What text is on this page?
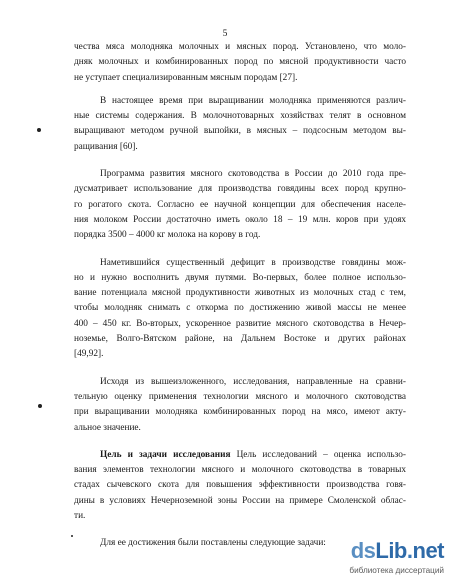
5
чества мяса молодняка молочных и мясных пород. Установлено, что моло-
дняк молочных и комбинированных пород по мясной продуктивности часто
не уступает специализированным мясным породам [27].
В настоящее время при выращивании молодняка применяются различ-
ные системы содержания. В молочнотоварных хозяйствах телят в основном
выращивают методом ручной выпойки, в мясных – подсосным методом вы-
ращивания [60].
Программа развития мясного скотоводства в России до 2010 года пре-
дусматривает использование для производства говядины всех пород крупно-
го рогатого скота. Согласно ее научной концепции для обеспечения населе-
ния молоком России достаточно иметь около 18 – 19 млн. коров при удоях
порядка 3500 – 4000 кг молока на корову в год.
Наметившийся существенный дефицит в производстве говядины мож-
но и нужно восполнить двумя путями. Во-первых, более полное использо-
вание потенциала мясной продуктивности животных из молочных стад с тем,
чтобы молодняк снимать с откорма по достижению живой массы не менее
400 – 450 кг. Во-вторых, ускоренное развитие мясного скотоводства в Нечер-
ноземье, Волго-Вятском районе, на Дальнем Востоке и других районах
[49,92].
Исходя из вышеизложенного, исследования, направленные на сравни-
тельную оценку применения технологии мясного и молочного скотоводства
при выращивании молодняка комбинированных пород на мясо, имеют акту-
альное значение.
Цель и задачи исследования Цель исследований – оценка использо-
вания элементов технологии мясного и молочного скотоводства в товарных
стадах сычевского скота для повышения эффективности производства говя-
дины в условиях Нечерноземной зоны России на примере Смоленской облас-
ти.
Для ее достижения были поставлены следующие задачи:	dsLib.net
библиотека диссертаций
